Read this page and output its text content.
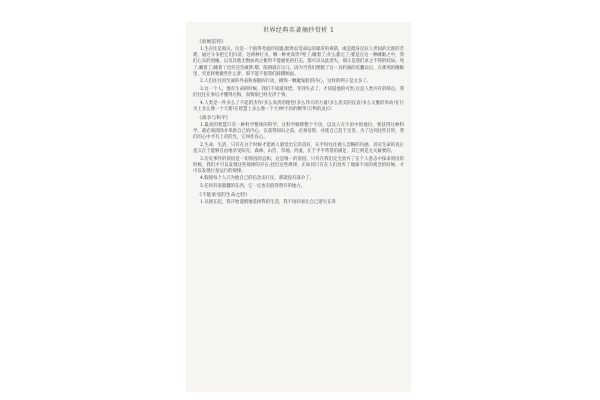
世界经典名著摘抄赏析 1
《哈姆雷特》
1.生存还是毁灭，这是一个值得考虑的问题;默然忍受命运的暴虐的毒箭，或是挺身反抗人世间的无涯的苦难，通过斗争把它们扫清，这两种行为，哪一种更高贵?死了;睡着了;什么都完了;要是在这一种睡眠之中，我们心头的创痛，以及其他无数血肉之躯所不能避免的打击，都可以从此消失，那正是我们求之不得的结局。死了;睡着了;睡着了也许还会做梦;嗯，阻碍就在这儿，因为当我们摆脱了这一具朽腐的皮囊以后，在那死的睡眠里，究竟将要做些什么梦，那不能不使我们踌躇顾虑。
2.人们往往用至诚的外表和虔敬的行动，掩饰一颗魔鬼般的内心，这样的例子是太多了。
3.这一个人，他有生命的时候，我们不知道珍惜，等到失去了，才知道他的可贵;这是人类共有的缺点，我们往往在事后才懂得后悔，而悔恨已经无济于事。
4.人类是一件多么了不起的杰作!多么高贵的理性!多么伟大的力量!多么优美的仪表!多么文雅的举动!在行为上多么像一个天使!在智慧上多么像一个天神!宇宙的精华!万物的灵长!
《战争与和平》
1.最高的智慧只有一种科学整体的科学，这科学解释整个宇宙，以及人在宇宙中的地位。要获得这种科学，就必须清除并革新自己的内心，在获得知识之前，必须信仰，并使自己趋于完善。为了达到这些目的，我们的心中才有上帝的光，它叫作良心。
2.生命，生活，只有在这个时候才能被人感觉出它的美好，在平时往往被人忽略的内涵，其实生命的真正意义在于能够自由地享受阳光、森林、山峦、草地、河流，在于平平常常的满足，其它则是无关紧要的。
3.历史事件的原因是一切原因的总和，这是唯一的原因。只有在我们完全放弃了在个人意志中探求原因的时候，我们才可以发现这些规律的存在;找出这些规律，正如同只有在人们放弃了地球不动的观念的时候，才可以发现行星运行的规律。
4.假使每个人只为他自己的信念去打仗，那就没有战争了。
5.任何有似愚蠢的东西，它一定也有值得赞许的地方。
《不能承受的生命之轻》
1.从现在起，我开始谨慎地选择我的生活，我不再轻易让自己迷失在各
